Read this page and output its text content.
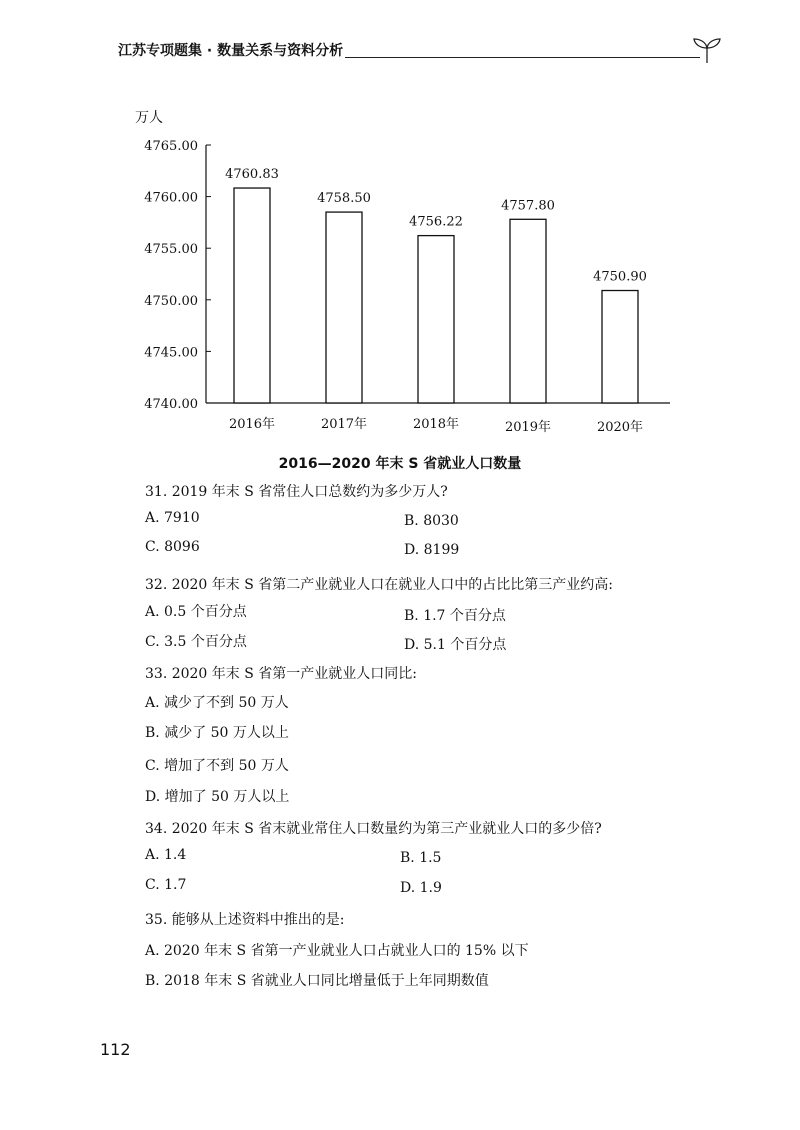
江苏专项题集 · 数量关系与资料分析
万人
4740.00
4745.00
4750.00
4755.00
4760.00
4765.00
4760.83
2016年
4758.50
2017年
4756.22
2018年
4757.80
2019年
4750.90
2020年
2016—2020 年末 S 省就业人口数量
31. 2019 年末 S 省常住人口总数约为多少万人?
A. 7910	B. 8030
C. 8096	D. 8199
32. 2020 年末 S 省第二产业就业人口在就业人口中的占比比第三产业约高:
A. 0.5 个百分点	B. 1.7 个百分点
C. 3.5 个百分点	D. 5.1 个百分点
33. 2020 年末 S 省第一产业就业人口同比:
A. 减少了不到 50 万人
B. 减少了 50 万人以上
C. 增加了不到 50 万人
D. 增加了 50 万人以上
34. 2020 年末 S 省末就业常住人口数量约为第三产业就业人口的多少倍?
A. 1.4	B. 1.5
C. 1.7	D. 1.9
35. 能够从上述资料中推出的是:
A. 2020 年末 S 省第一产业就业人口占就业人口的 15% 以下
B. 2018 年末 S 省就业人口同比增量低于上年同期数值
112
